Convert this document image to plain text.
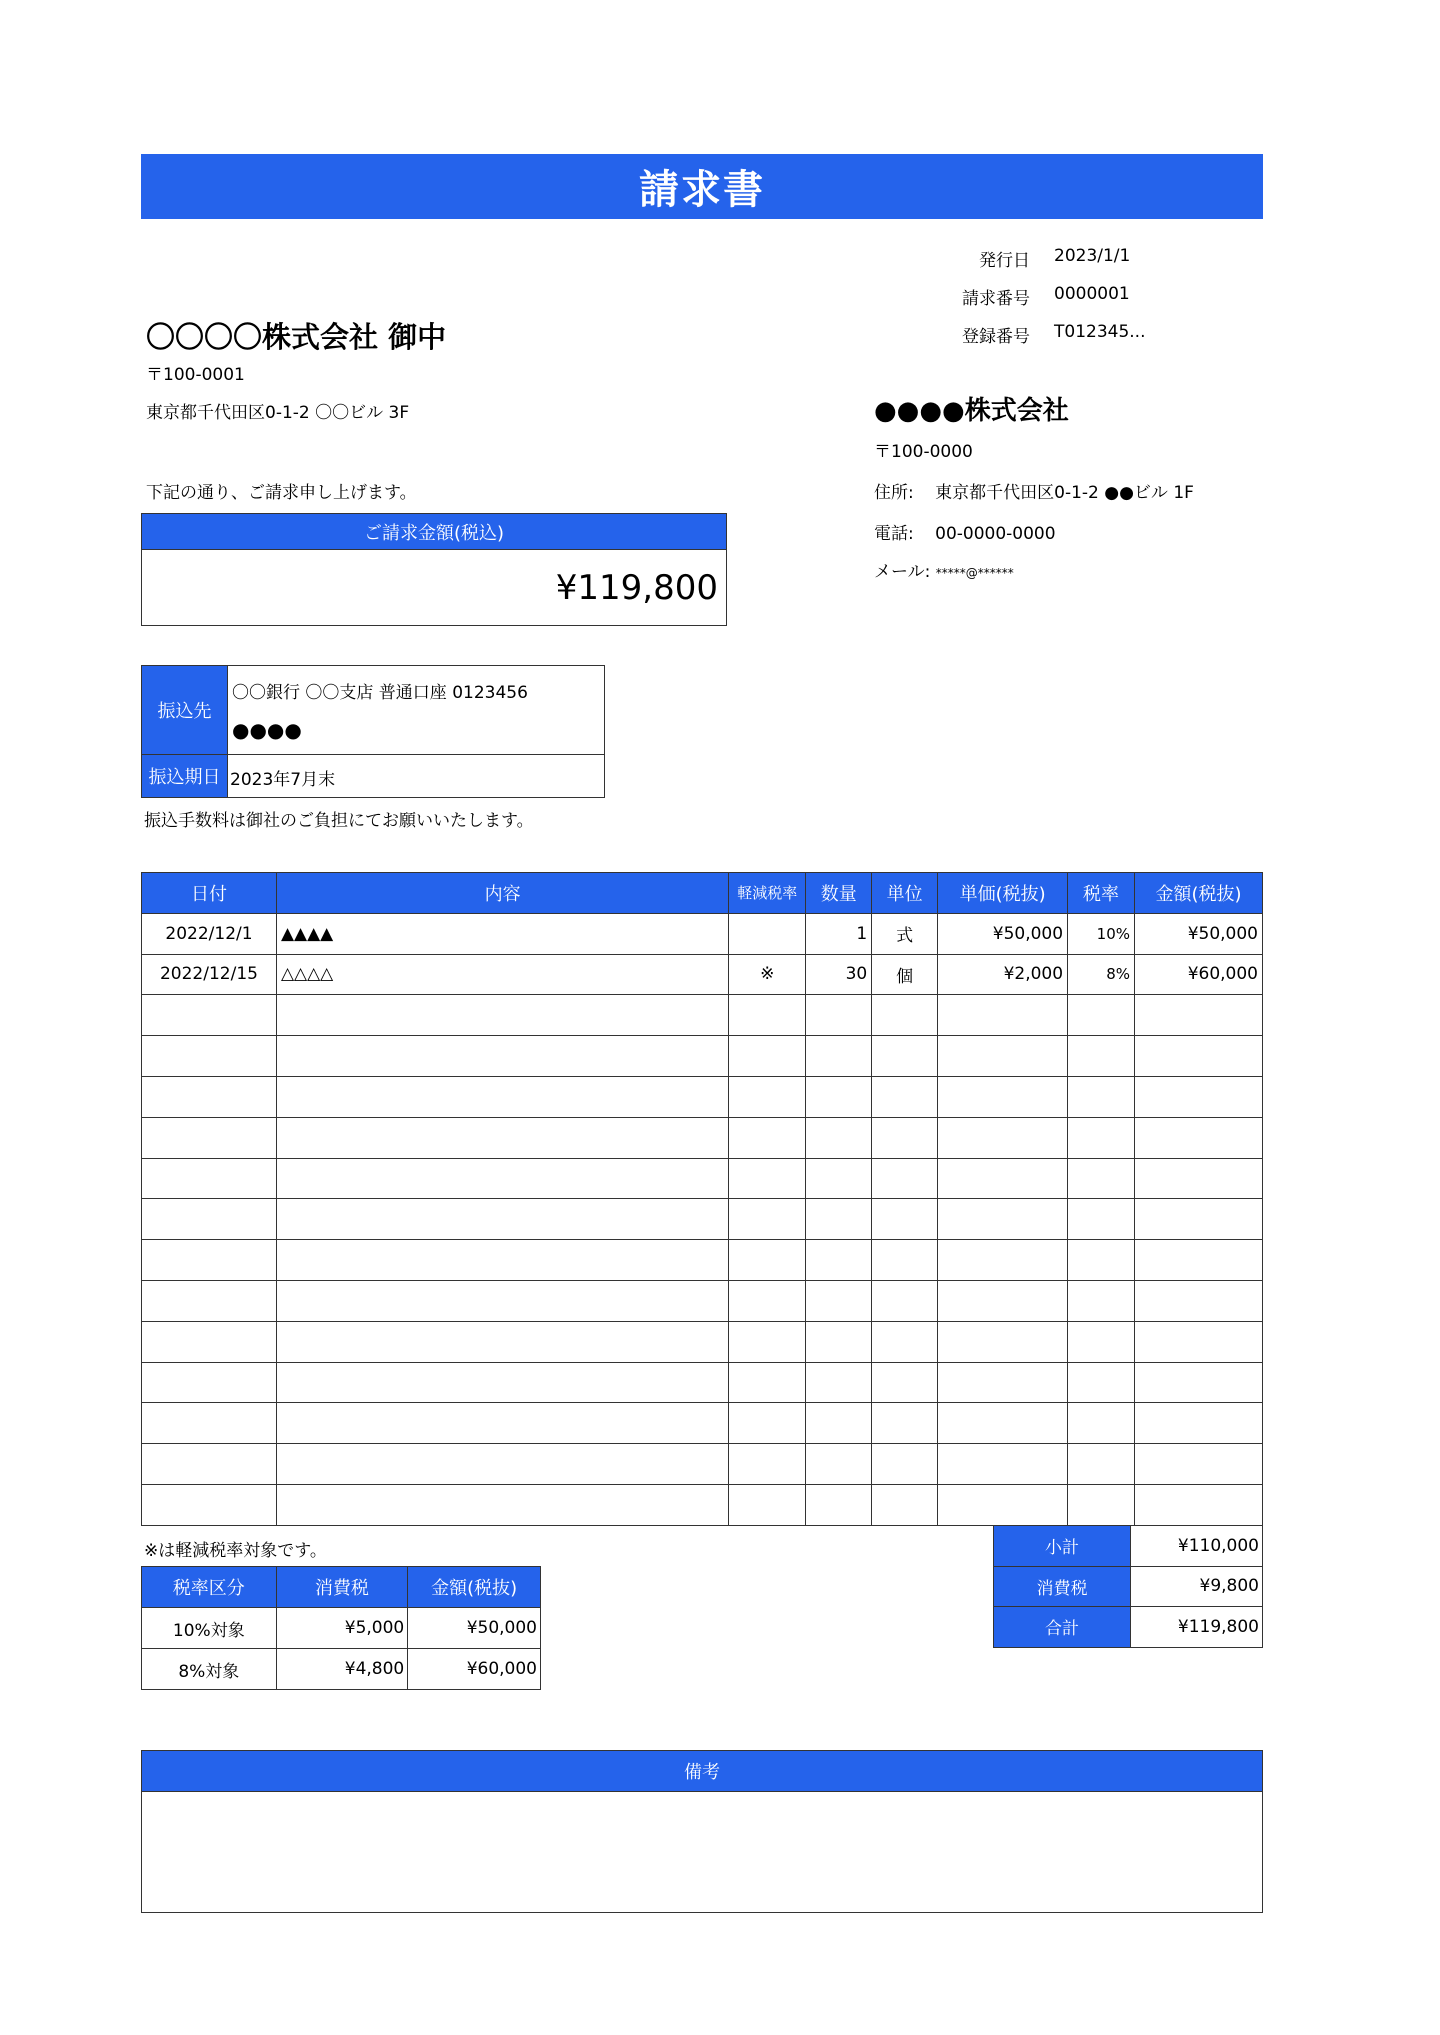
請求書
発行日	2023/1/1
請求番号	0000001
登録番号	T012345...
〇〇〇〇株式会社 御中
〒100-0001
東京都千代田区0-1-2 〇〇ビル 3F
下記の通り、ご請求申し上げます。
ご請求金額(税込)
¥119,800
●●●●株式会社
〒100-0000
住所: 東京都千代田区0-1-2 ●●ビル 1F
電話: 00-0000-0000
メール: *****@******
振込先
〇〇銀行 〇〇支店 普通口座 0123456
●●●●
振込期日 2023年7月末
振込手数料は御社のご負担にてお願いいたします。
日付	内容	軽減税率	数量	単位	単価(税抜)	税率	金額(税抜)
2022/12/1	▲▲▲▲		1	式	¥50,000	10%	¥50,000
2022/12/15	△△△△	※	30	個	¥2,000	8%	¥60,000

※は軽減税率対象です。
税率区分	消費税	金額(税抜)
10%対象	¥5,000	¥50,000
8%対象	¥4,800	¥60,000
小計	¥110,000
消費税	¥9,800
合計	¥119,800
備考
